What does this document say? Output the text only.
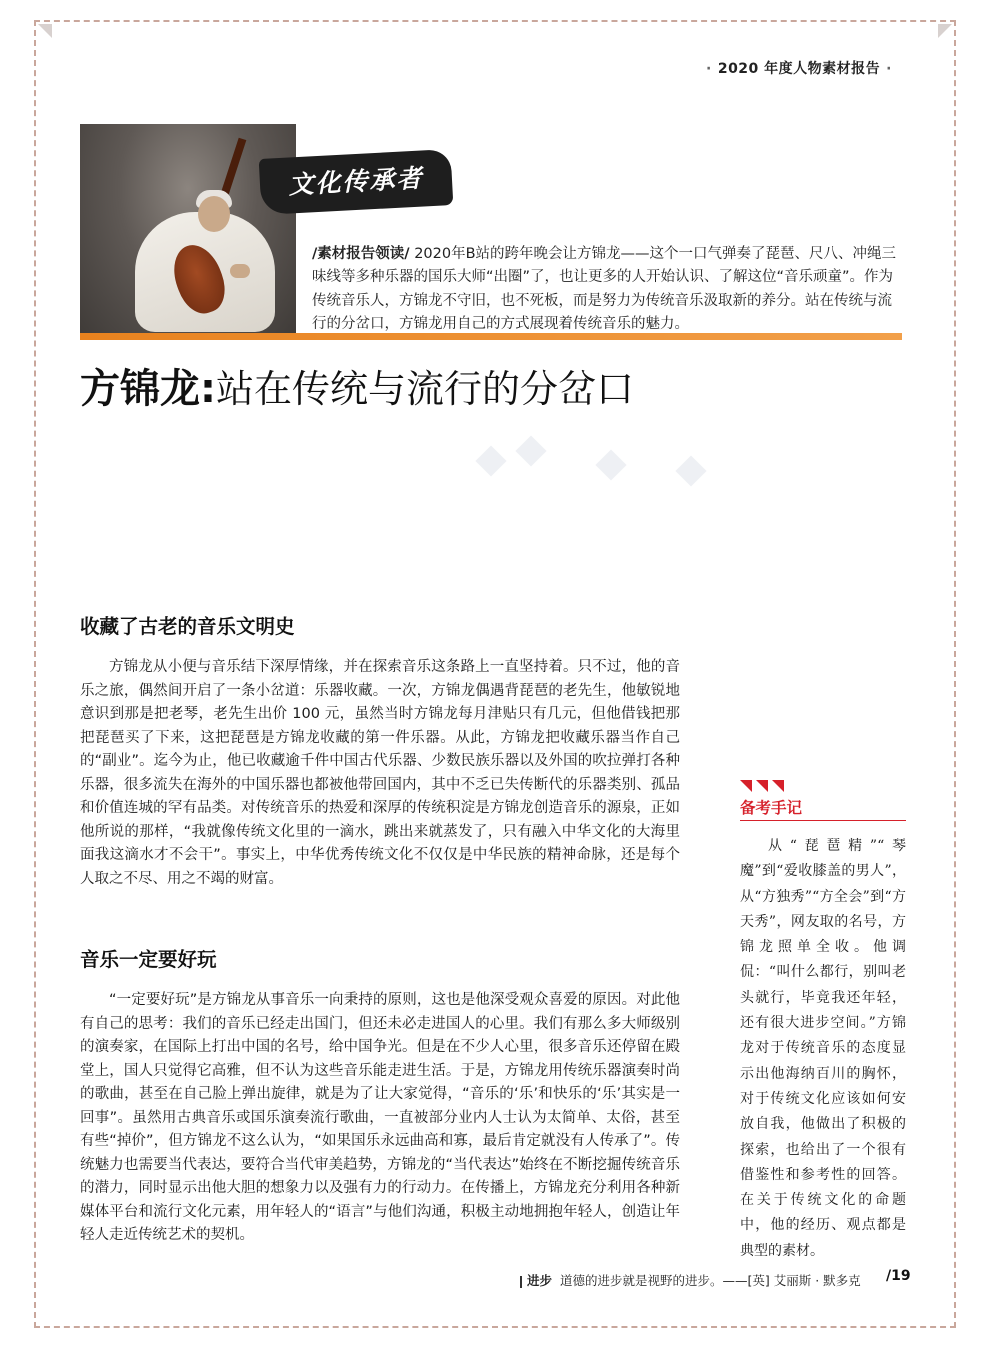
· 2020 年度人物素材报告 ·
文化传承者

/素材报告领读/ 2020年B站的跨年晚会让方锦龙——这个一口气弹奏了琵琶、尺八、冲绳三味线等多种乐器的国乐大师“出圈”了，也让更多的人开始认识、了解这位“音乐顽童”。作为传统音乐人，方锦龙不守旧，也不死板，而是努力为传统音乐汲取新的养分。站在传统与流行的分岔口，方锦龙用自己的方式展现着传统音乐的魅力。

方锦龙:站在传统与流行的分岔口
收藏了古老的音乐文明史

方锦龙从小便与音乐结下深厚情缘，并在探索音乐这条路上一直坚持着。只不过，他的音乐之旅，偶然间开启了一条小岔道：乐器收藏。一次，方锦龙偶遇背琵琶的老先生，他敏锐地意识到那是把老琴，老先生出价 100 元，虽然当时方锦龙每月津贴只有几元，但他借钱把那把琵琶买了下来，这把琵琶是方锦龙收藏的第一件乐器。从此，方锦龙把收藏乐器当作自己的“副业”。迄今为止，他已收藏逾千件中国古代乐器、少数民族乐器以及外国的吹拉弹打各种乐器，很多流失在海外的中国乐器也都被他带回国内，其中不乏已失传断代的乐器类别、孤品和价值连城的罕有品类。对传统音乐的热爱和深厚的传统积淀是方锦龙创造音乐的源泉，正如他所说的那样，“我就像传统文化里的一滴水，跳出来就蒸发了，只有融入中华文化的大海里面我这滴水才不会干”。事实上，中华优秀传统文化不仅仅是中华民族的精神命脉，还是每个人取之不尽、用之不竭的财富。

音乐一定要好玩

“一定要好玩”是方锦龙从事音乐一向秉持的原则，这也是他深受观众喜爱的原因。对此他有自己的思考：我们的音乐已经走出国门，但还未必走进国人的心里。我们有那么多大师级别的演奏家，在国际上打出中国的名号，给中国争光。但是在不少人心里，很多音乐还停留在殿堂上，国人只觉得它高雅，但不认为这些音乐能走进生活。于是，方锦龙用传统乐器演奏时尚的歌曲，甚至在自己脸上弹出旋律，就是为了让大家觉得，“音乐的‘乐’和快乐的‘乐’其实是一回事”。虽然用古典音乐或国乐演奏流行歌曲，一直被部分业内人士认为太简单、太俗，甚至有些“掉价”，但方锦龙不这么认为，“如果国乐永远曲高和寡，最后肯定就没有人传承了”。传统魅力也需要当代表达，要符合当代审美趋势，方锦龙的“当代表达”始终在不断挖掘传统音乐的潜力，同时显示出他大胆的想象力以及强有力的行动力。在传播上，方锦龙充分利用各种新媒体平台和流行文化元素，用年轻人的“语言”与他们沟通，积极主动地拥抱年轻人，创造让年轻人走近传统艺术的契机。

备考手记

从“琵琶精”“琴魔”到“爱收膝盖的男人”，从“方独秀”“方全会”到“方天秀”，网友取的名号，方锦龙照单全收。他调侃：“叫什么都行，别叫老头就行，毕竟我还年轻，还有很大进步空间。”方锦龙对于传统音乐的态度显示出他海纳百川的胸怀，对于传统文化应该如何安放自我，他做出了积极的探索，也给出了一个很有借鉴性和参考性的回答。在关于传统文化的命题中，他的经历、观点都是典型的素材。

进步 道德的进步就是视野的进步。——[英] 艾丽斯 · 默多克	/19
